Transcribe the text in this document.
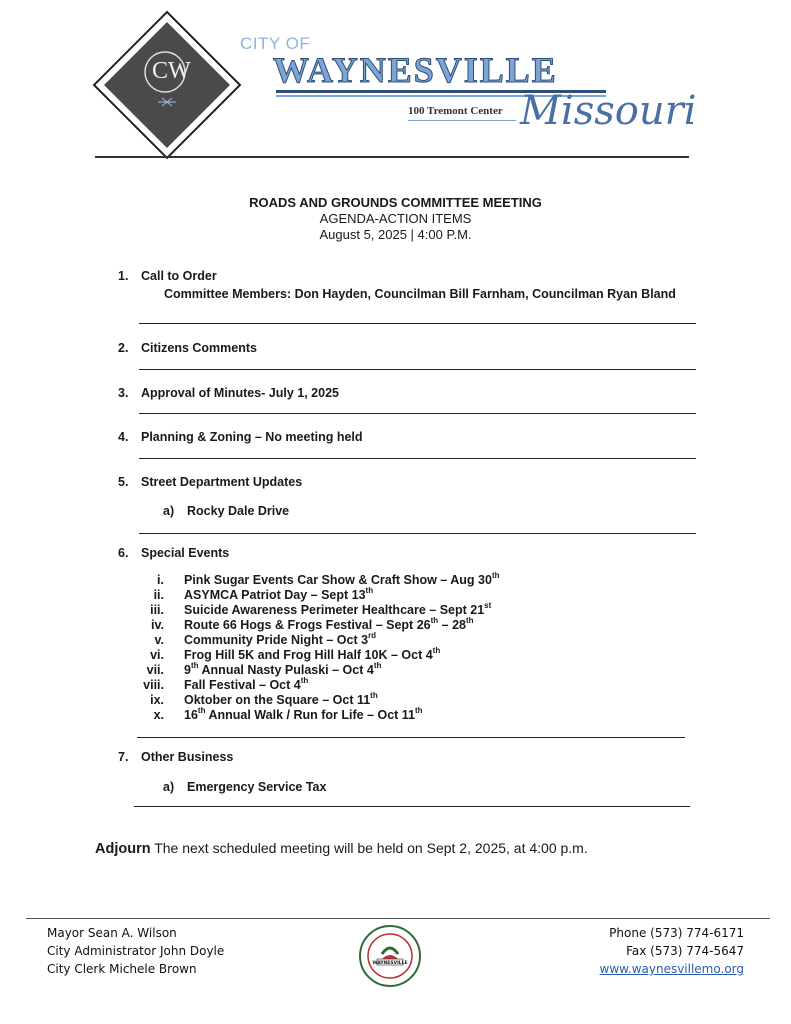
CW
CITY OF
WAYNESVILLE
100 Tremont Center Missouri
ROADS AND GROUNDS COMMITTEE MEETING
AGENDA-ACTION ITEMS
August 5, 2025 | 4:00 P.M.
1. Call to Order
Committee Members: Don Hayden, Councilman Bill Farnham, Councilman Ryan Bland
2. Citizens Comments
3. Approval of Minutes- July 1, 2025
4. Planning & Zoning – No meeting held
5. Street Department Updates
a) Rocky Dale Drive
6. Special Events
i. Pink Sugar Events Car Show & Craft Show – Aug 30th
ii. ASYMCA Patriot Day – Sept 13th
iii. Suicide Awareness Perimeter Healthcare – Sept 21st
iv. Route 66 Hogs & Frogs Festival – Sept 26th – 28th
v. Community Pride Night – Oct 3rd
vi. Frog Hill 5K and Frog Hill Half 10K – Oct 4th
vii. 9th Annual Nasty Pulaski – Oct 4th
viii. Fall Festival – Oct 4th
ix. Oktober on the Square – Oct 11th
x. 16th Annual Walk / Run for Life – Oct 11th
7. Other Business
a) Emergency Service Tax
Adjourn The next scheduled meeting will be held on Sept 2, 2025, at 4:00 p.m.
Mayor Sean A. Wilson
City Administrator John Doyle
City Clerk Michele Brown	WAYNESVILLE
Phone (573) 774-6171
Fax (573) 774-5647
www.waynesvillemo.org
